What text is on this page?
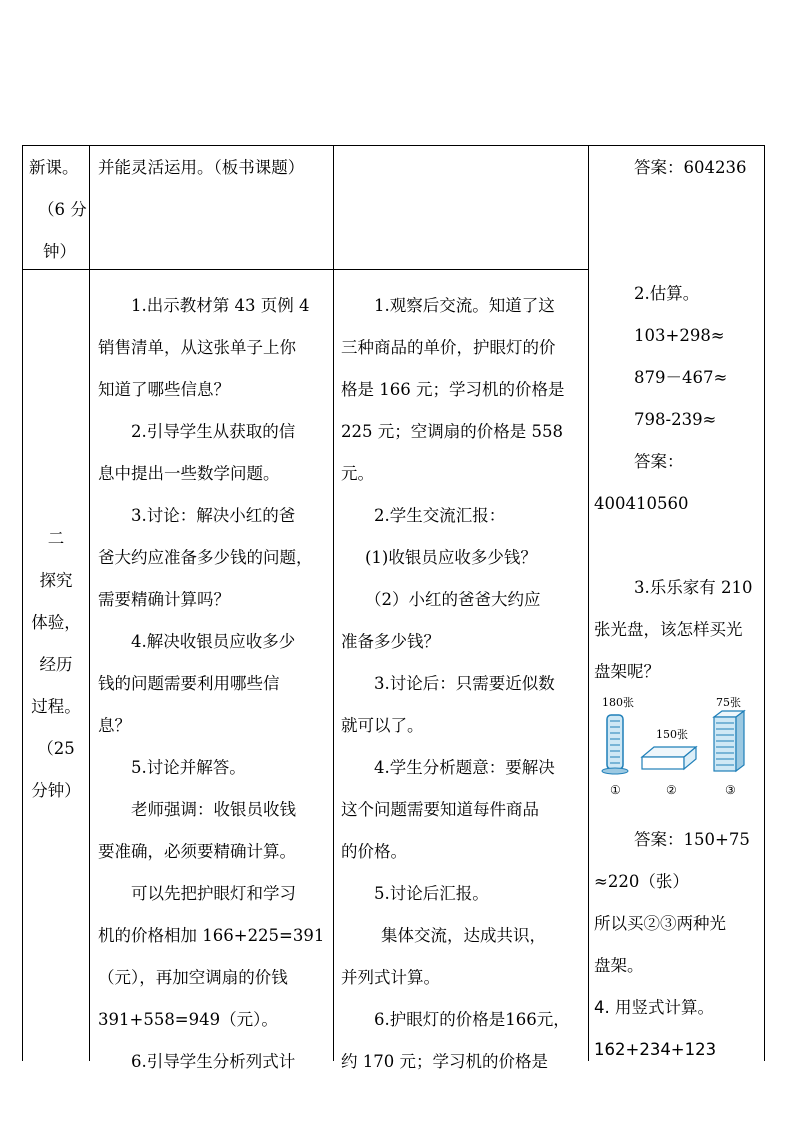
新课。
（6 分
钟）
并能灵活运用。（板书课题）
二
探究
体验，
经历
过程。
（25
分钟）
1.出示教材第 43 页例 4
销售清单，从这张单子上你
知道了哪些信息？
2.引导学生从获取的信
息中提出一些数学问题。
3.讨论：解决小红的爸
爸大约应准备多少钱的问题，
需要精确计算吗？
4.解决收银员应收多少
钱的问题需要利用哪些信
息？
5.讨论并解答。
老师强调：收银员收钱
要准确，必须要精确计算。
可以先把护眼灯和学习
机的价格相加 166+225=391
（元），再加空调扇的价钱
391+558=949（元）。
6.引导学生分析列式计
1.观察后交流。知道了这
三种商品的单价，护眼灯的价
格是 166 元；学习机的价格是
225 元；空调扇的价格是 558
元。
2.学生交流汇报：
(1)收银员应收多少钱？
（2）小红的爸爸大约应
准备多少钱？
3.讨论后：只需要近似数
就可以了。
4.学生分析题意：要解决
这个问题需要知道每件商品
的价格。
5.讨论后汇报。
集体交流，达成共识，
并列式计算。
6.护眼灯的价格是166元，
约 170 元；学习机的价格是
答案：604236
2.估算。
103+298≈
879－467≈
798-239≈
答案：
400410560
3.乐乐家有 210
张光盘，该怎样买光
盘架呢？
180张
①
150张
②
75张
③
答案：150+75
≈220（张）
所以买②③两种光
盘架。
4. 用竖式计算。
162+234+123
